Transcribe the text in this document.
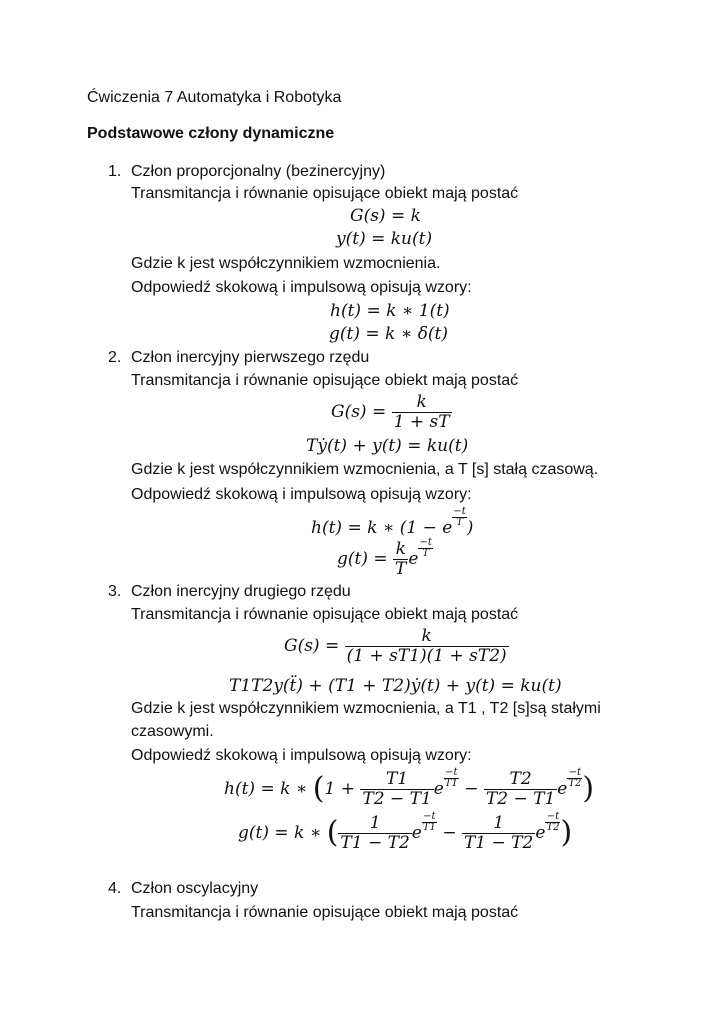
Ćwiczenia 7 Automatyka i Robotyka
Podstawowe człony dynamiczne
1. Człon proporcjonalny (bezinercyjny)
Transmitancja i równanie opisujące obiekt mają postać
G(s) = k
y(t) = ku(t)
Gdzie k jest współczynnikiem wzmocnienia.
Odpowiedź skokową i impulsową opisują wzory:
h(t) = k ∗ 1(t)
g(t) = k ∗ δ(t)
2. Człon inercyjny pierwszego rzędu
Transmitancja i równanie opisujące obiekt mają postać
$G(s) = \frac{k}{1 + sT}$
Tẏ(t) + y(t) = ku(t)
Gdzie k jest współczynnikiem wzmocnienia, a T [s] stałą czasową.
Odpowiedź skokową i impulsową opisują wzory:
h(t) = k ∗ (1 − e $\frac{-t}{T}$ )
$g(t) = \frac{k}{T}$ e $\frac{-t}{T}$
3. Człon inercyjny drugiego rzędu
Transmitancja i równanie opisujące obiekt mają postać
$G(s) = \frac{k}{(1 + sT1)(1 + sT2)}$
T1T2y(ẗ)
+ (T1 + T2)ẏ(t) + y(t) = ku(t)
Gdzie k jest współczynnikiem wzmocnienia, a T1 , T2 [s]są stałymi
czasowymi.
Odpowiedź skokową i impulsową opisują wzory:
h(t) = k ∗ ($1 + \frac{T1}{T2 - T1}$ e $\frac{-t}{T1} - \frac{T2}{T2 - T1}$ e $\frac{-t}{T2}$ )
g(t) = k ∗ ( $\frac{1}{T1 - T2}$ e $\frac{-t}{T1} - \frac{1}{T1 - T2}$ e $\frac{-t}{T2}$ )
4. Człon oscylacyjny
Transmitancja i równanie opisujące obiekt mają postać
